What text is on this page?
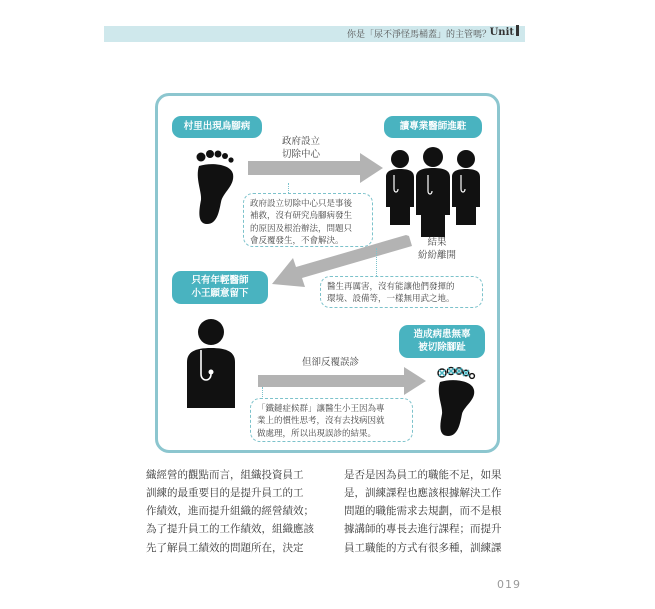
你是「尿不淨怪馬桶蓋」的主管嗎？
Unit
村里出現烏腳病	讀專業醫師進駐
政府設立
切除中心
政府設立切除中心只是事後
補救，沒有研究烏腳病發生
的原因及根治辦法，問題只
會反覆發生，不會解決。	結果
紛紛離開
只有年輕醫師
小王願意留下
醫生再厲害，沒有能讓他們發揮的
環境、設備等，一樣無用武之地。
造成病患無辜
被切除腳趾
但卻反覆誤診
「鐵鏈症候群」讓醫生小王因為專
業上的慣性思考，沒有去找病因就
做處理，所以出現誤診的結果。
織經營的觀點而言，組織投資員工
訓練的最重要目的是提升員工的工
作績效，進而提升組織的經營績效；
為了提升員工的工作績效，組織應該
先了解員工績效的問題所在，決定
是否是因為員工的職能不足，如果
是，訓練課程也應該根據解決工作
問題的職能需求去規劃，而不是根
據講師的專長去進行課程；而提升
員工職能的方式有很多種，訓練課
019
